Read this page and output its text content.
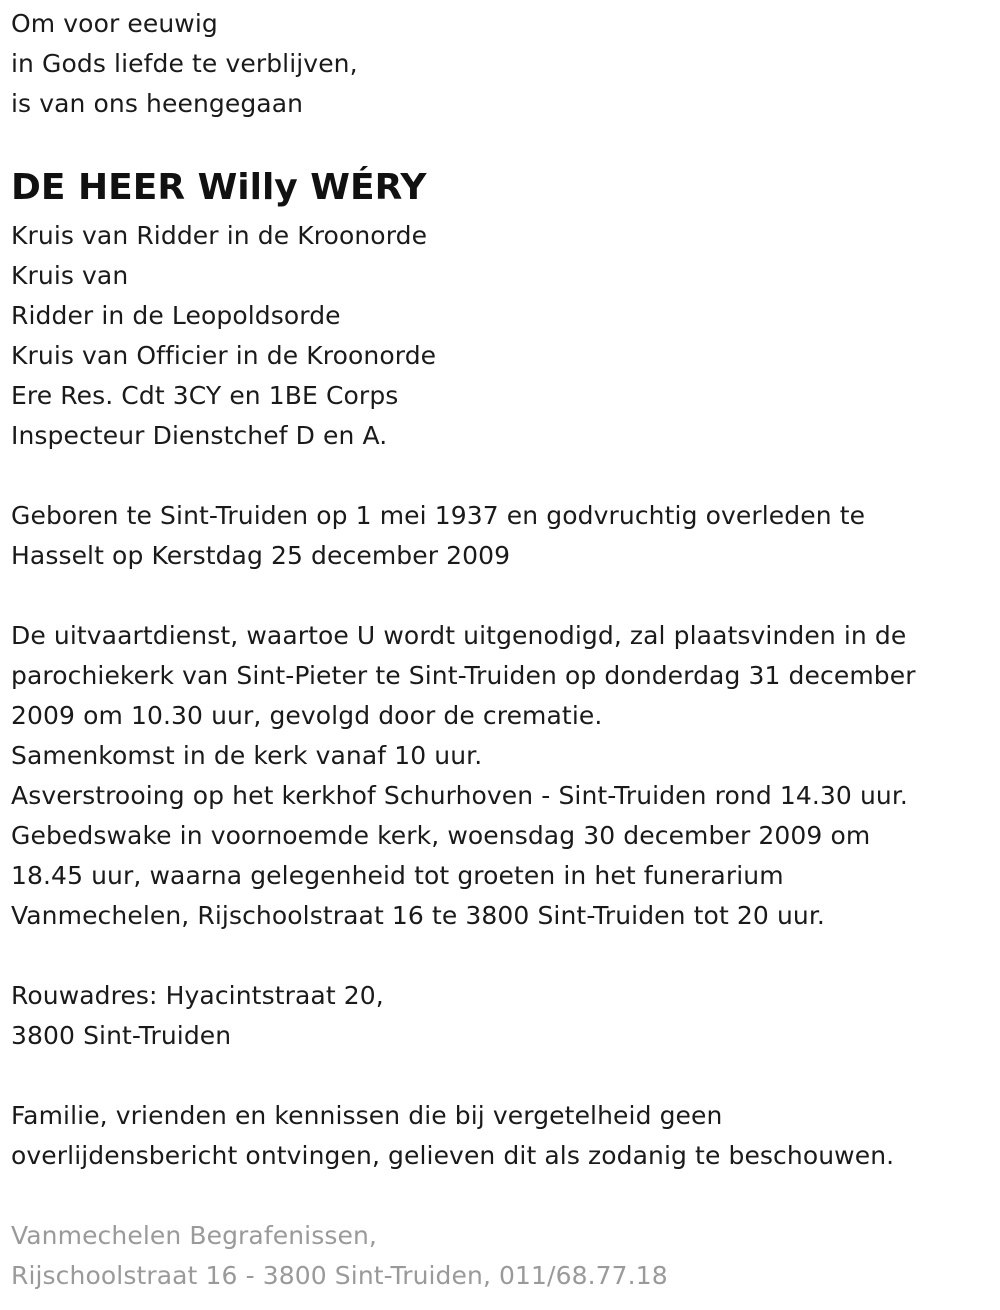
Om voor eeuwig
in Gods liefde te verblijven,
is van ons heengegaan
DE HEER Willy WÉRY
Kruis van Ridder in de Kroonorde
Kruis van
Ridder in de Leopoldsorde
Kruis van Officier in de Kroonorde
Ere Res. Cdt 3CY en 1BE Corps
Inspecteur Dienstchef D en A.
Geboren te Sint-Truiden op 1 mei 1937 en godvruchtig overleden te
Hasselt op Kerstdag 25 december 2009
De uitvaartdienst, waartoe U wordt uitgenodigd, zal plaatsvinden in de
parochiekerk van Sint-Pieter te Sint-Truiden op donderdag 31 december
2009 om 10.30 uur, gevolgd door de crematie.
Samenkomst in de kerk vanaf 10 uur.
Asverstrooing op het kerkhof Schurhoven - Sint-Truiden rond 14.30 uur.
Gebedswake in voornoemde kerk, woensdag 30 december 2009 om
18.45 uur, waarna gelegenheid tot groeten in het funerarium
Vanmechelen, Rijschoolstraat 16 te 3800 Sint-Truiden tot 20 uur.
Rouwadres: Hyacintstraat 20,
3800 Sint-Truiden
Familie, vrienden en kennissen die bij vergetelheid geen
overlijdensbericht ontvingen, gelieven dit als zodanig te beschouwen.
Vanmechelen Begrafenissen,
Rijschoolstraat 16 - 3800 Sint-Truiden, 011/68.77.18
